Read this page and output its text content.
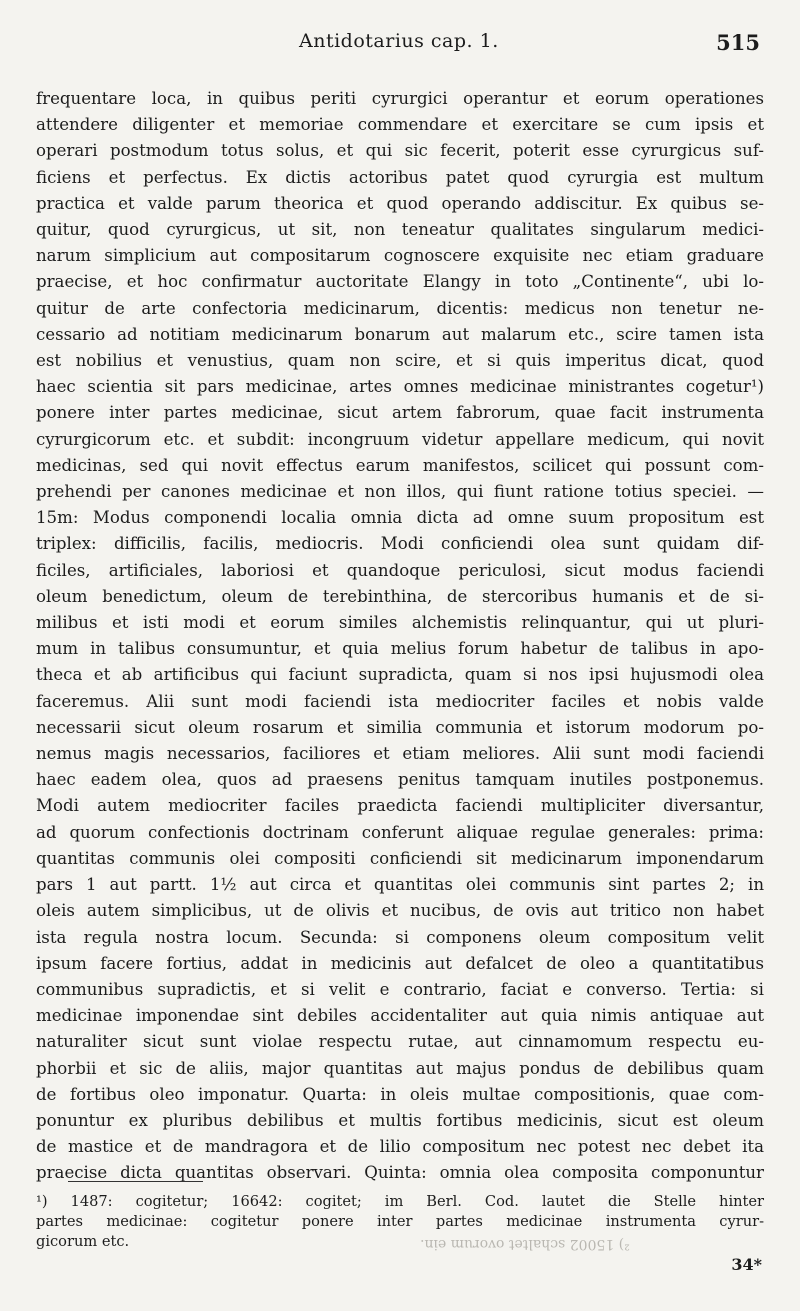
Antidotarius cap. 1.	515
frequentare loca, in quibus periti cyrurgici operantur et eorum operationes
attendere diligenter et memoriae commendare et exercitare se cum ipsis et
operari postmodum totus solus, et qui sic fecerit, poterit esse cyrurgicus suf-
ficiens et perfectus. Ex dictis actoribus patet quod cyrurgia est multum
practica et valde parum theorica et quod operando addiscitur. Ex quibus se-
quitur, quod cyrurgicus, ut sit, non teneatur qualitates singularum medici-
narum simplicium aut compositarum cognoscere exquisite nec etiam graduare
praecise, et hoc confirmatur auctoritate Elangy in toto „Continente“, ubi lo-
quitur de arte confectoria medicinarum, dicentis: medicus non tenetur ne-
cessario ad notitiam medicinarum bonarum aut malarum etc., scire tamen ista
est nobilius et venustius, quam non scire, et si quis imperitus dicat, quod
haec scientia sit pars medicinae, artes omnes medicinae ministrantes cogetur¹)
ponere inter partes medicinae, sicut artem fabrorum, quae facit instrumenta
cyrurgicorum etc. et subdit: incongruum videtur appellare medicum, qui novit
medicinas, sed qui novit effectus earum manifestos, scilicet qui possunt com-
prehendi per canones medicinae et non illos, qui fiunt ratione totius speciei. —
15m: Modus componendi localia omnia dicta ad omne suum propositum est
triplex: difficilis, facilis, mediocris. Modi conficiendi olea sunt quidam dif-
ficiles, artificiales, laboriosi et quandoque periculosi, sicut modus faciendi
oleum benedictum, oleum de terebinthina, de stercoribus humanis et de si-
milibus et isti modi et eorum similes alchemistis relinquantur, qui ut pluri-
mum in talibus consumuntur, et quia melius forum habetur de talibus in apo-
theca et ab artificibus qui faciunt supradicta, quam si nos ipsi hujusmodi olea
faceremus. Alii sunt modi faciendi ista mediocriter faciles et nobis valde
necessarii sicut oleum rosarum et similia communia et istorum modorum po-
nemus magis necessarios, faciliores et etiam meliores. Alii sunt modi faciendi
haec eadem olea, quos ad praesens penitus tamquam inutiles postponemus.
Modi autem mediocriter faciles praedicta faciendi multipliciter diversantur,
ad quorum confectionis doctrinam conferunt aliquae regulae generales: prima:
quantitas communis olei compositi conficiendi sit medicinarum imponendarum
pars 1 aut partt. 1½ aut circa et quantitas olei communis sint partes 2; in
oleis autem simplicibus, ut de olivis et nucibus, de ovis aut tritico non habet
ista regula nostra locum. Secunda: si componens oleum compositum velit
ipsum facere fortius, addat in medicinis aut defalcet de oleo a quantitatibus
communibus supradictis, et si velit e contrario, faciat e converso. Tertia: si
medicinae imponendae sint debiles accidentaliter aut quia nimis antiquae aut
naturaliter sicut sunt violae respectu rutae, aut cinnamomum respectu eu-
phorbii et sic de aliis, major quantitas aut majus pondus de debilibus quam
de fortibus oleo imponatur. Quarta: in oleis multae compositionis, quae com-
ponuntur ex pluribus debilibus et multis fortibus medicinis, sicut est oleum
de mastice et de mandragora et de lilio compositum nec potest nec debet ita
praecise dicta quantitas observari. Quinta: omnia olea composita componuntur
¹) 1487: cogitetur; 16642: cogitet; im Berl. Cod. lautet die Stelle hinter
partes medicinae: cogitetur ponere inter partes medicinae instrumenta cyrur-
gicorum etc.	²) 15002 schaltet ovorum ein.
34*
